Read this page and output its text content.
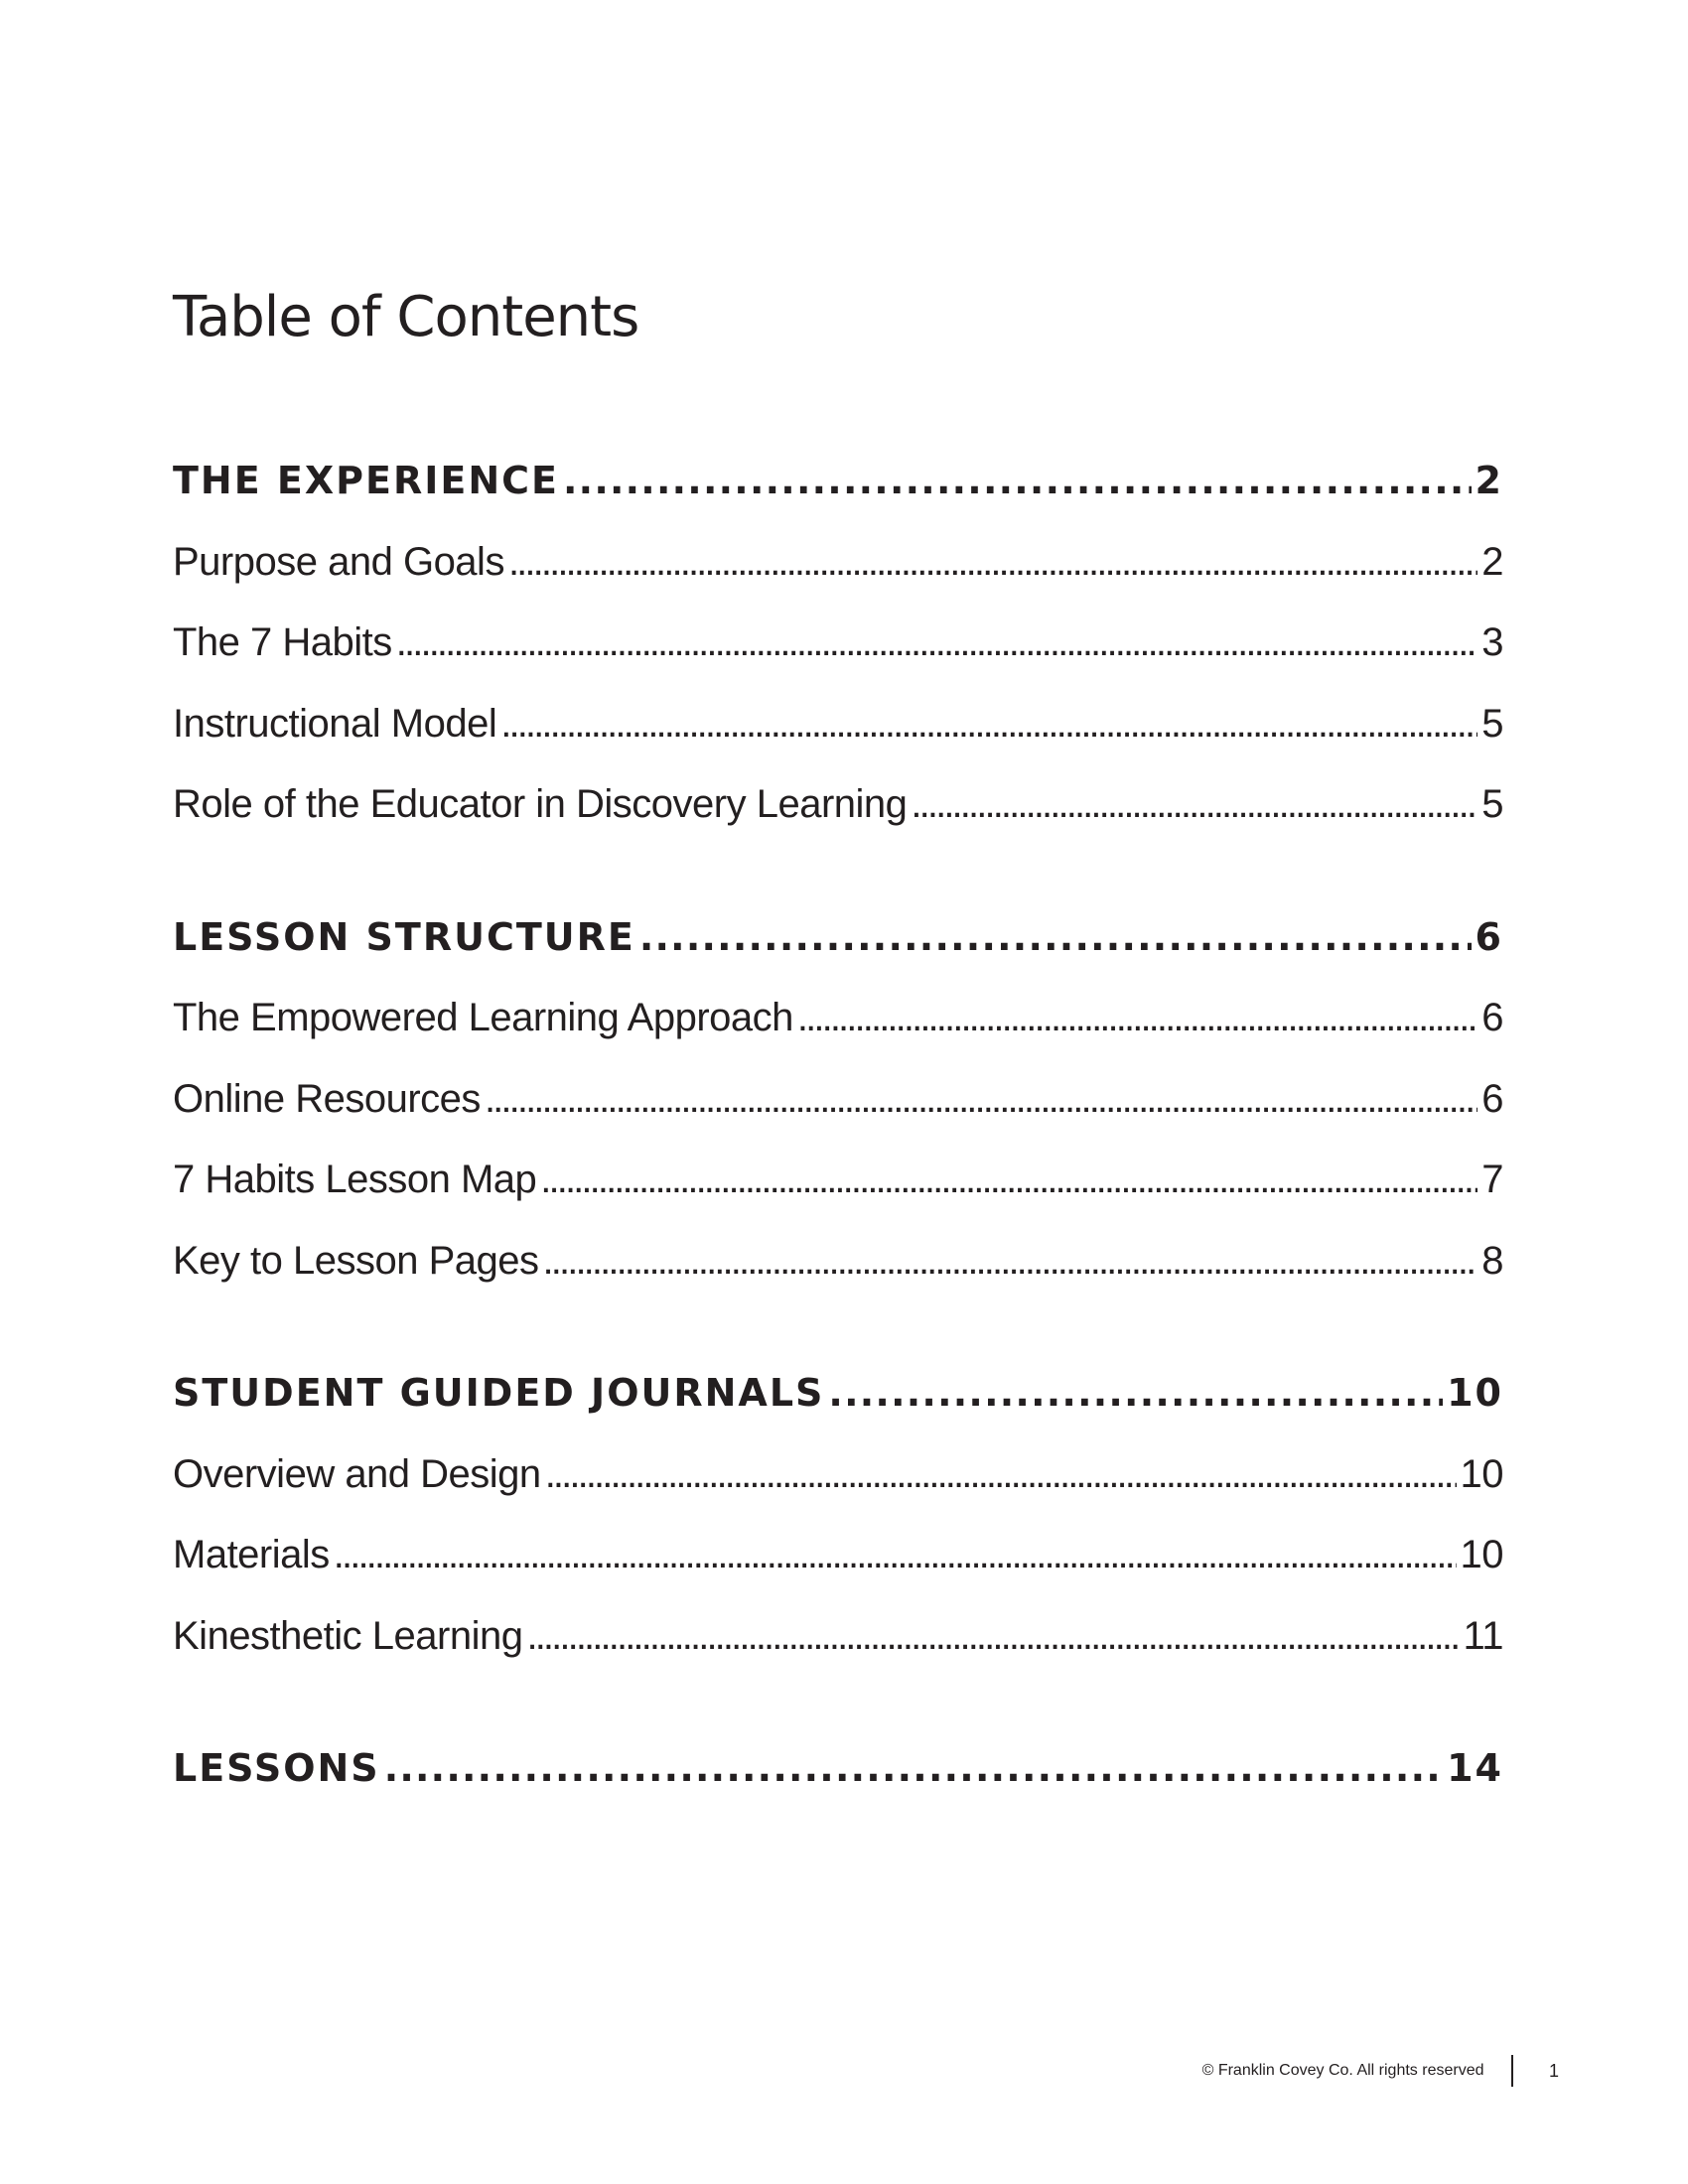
Table of Contents
THE EXPERIENCE . . .	2
Purpose and Goals . . .	2
The 7 Habits . . .	3
Instructional Model . . .	5
Role of the Educator in Discovery Learning . . .	5
LESSON STRUCTURE . . .	6
The Empowered Learning Approach . . .	6
Online Resources . . .	6
7 Habits Lesson Map . . .	7
Key to Lesson Pages . . .	8
STUDENT GUIDED JOURNALS . . .	10
Overview and Design . . .	10
Materials . . .	10
Kinesthetic Learning . . .	11
LESSONS . . .	14
© Franklin Covey Co. All rights reserved	1
